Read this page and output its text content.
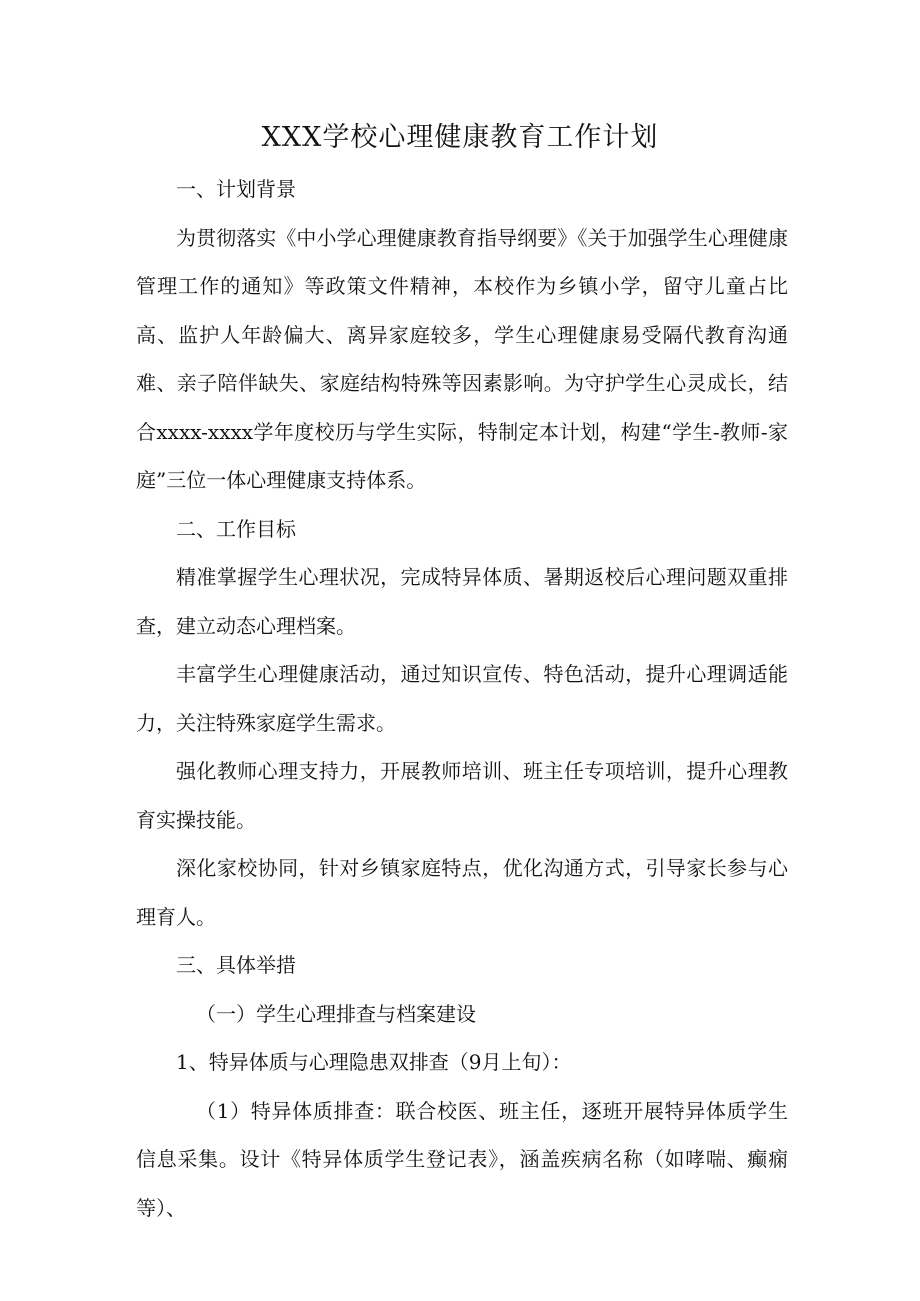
XXX学校心理健康教育工作计划

一、计划背景

为贯彻落实《中小学心理健康教育指导纲要》《关于加强学生心理健康管理工作的通知》等政策文件精神，本校作为乡镇小学，留守儿童占比高、监护人年龄偏大、离异家庭较多，学生心理健康易受隔代教育沟通难、亲子陪伴缺失、家庭结构特殊等因素影响。为守护学生心灵成长，结合xxxx-xxxx学年度校历与学生实际，特制定本计划，构建“学生-教师-家庭”三位一体心理健康支持体系。

二、工作目标

精准掌握学生心理状况，完成特异体质、暑期返校后心理问题双重排查，建立动态心理档案。

丰富学生心理健康活动，通过知识宣传、特色活动，提升心理调适能力，关注特殊家庭学生需求。

强化教师心理支持力，开展教师培训、班主任专项培训，提升心理教育实操技能。

深化家校协同，针对乡镇家庭特点，优化沟通方式，引导家长参与心理育人。

三、具体举措

（一）学生心理排查与档案建设

1、特异体质与心理隐患双排查（9月上旬）：

（1）特异体质排查：联合校医、班主任，逐班开展特异体质学生信息采集。设计《特异体质学生登记表》，涵盖疾病名称（如哮喘、癫痫等）、
